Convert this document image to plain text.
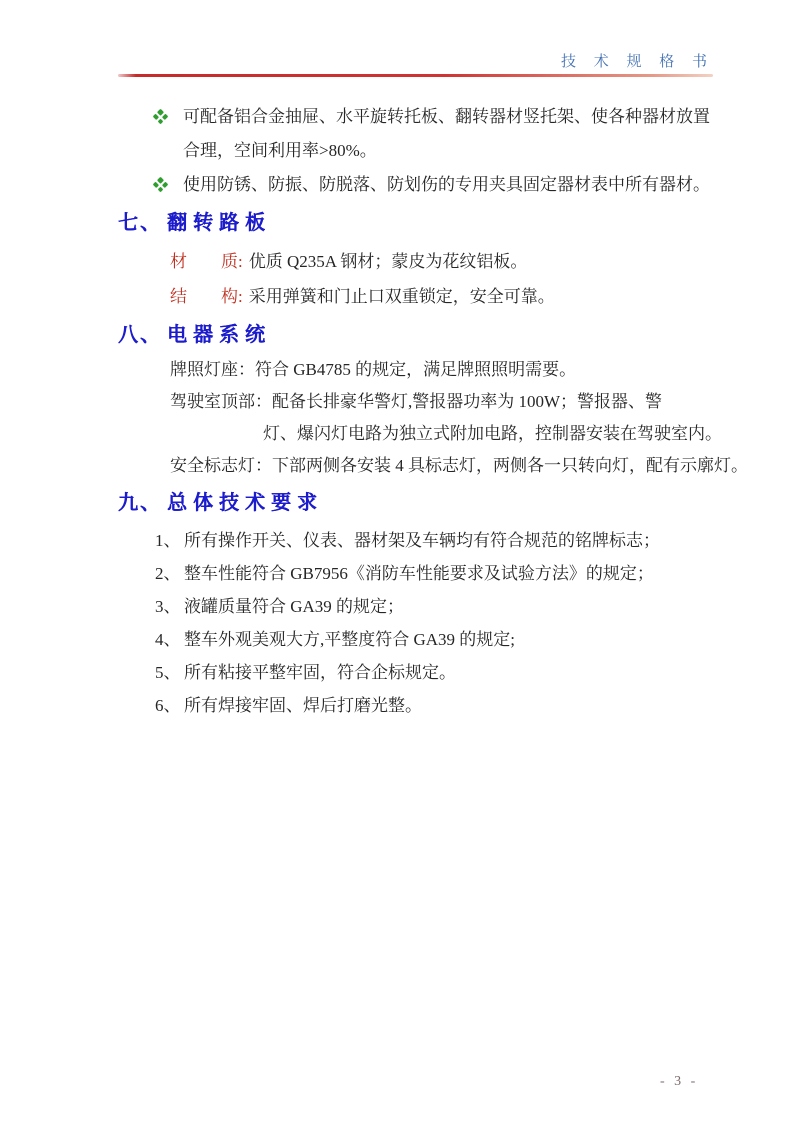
技 术 规 格 书
可配备铝合金抽屉、水平旋转托板、翻转器材竖托架、使各种器材放置合理，空间利用率>80%。
使用防锈、防振、防脱落、防划伤的专用夹具固定器材表中所有器材。
七、 翻转路板
材　　质: 优质 Q235A 钢材；蒙皮为花纹铝板。
结　　构: 采用弹簧和门止口双重锁定，安全可靠。
八、 电器系统
牌照灯座：符合 GB4785 的规定，满足牌照照明需要。
驾驶室顶部：配备长排豪华警灯,警报器功率为 100W；警报器、警
灯、爆闪灯电路为独立式附加电路，控制器安装在驾驶室内。
安全标志灯：下部两侧各安装 4 具标志灯，两侧各一只转向灯，配有示廓灯。
九、 总体技术要求
1、 所有操作开关、仪表、器材架及车辆均有符合规范的铭牌标志；
2、 整车性能符合 GB7956《消防车性能要求及试验方法》的规定；
3、 液罐质量符合 GA39 的规定；
4、 整车外观美观大方,平整度符合 GA39 的规定;
5、 所有粘接平整牢固，符合企标规定。
6、 所有焊接牢固、焊后打磨光整。
- 3 -
